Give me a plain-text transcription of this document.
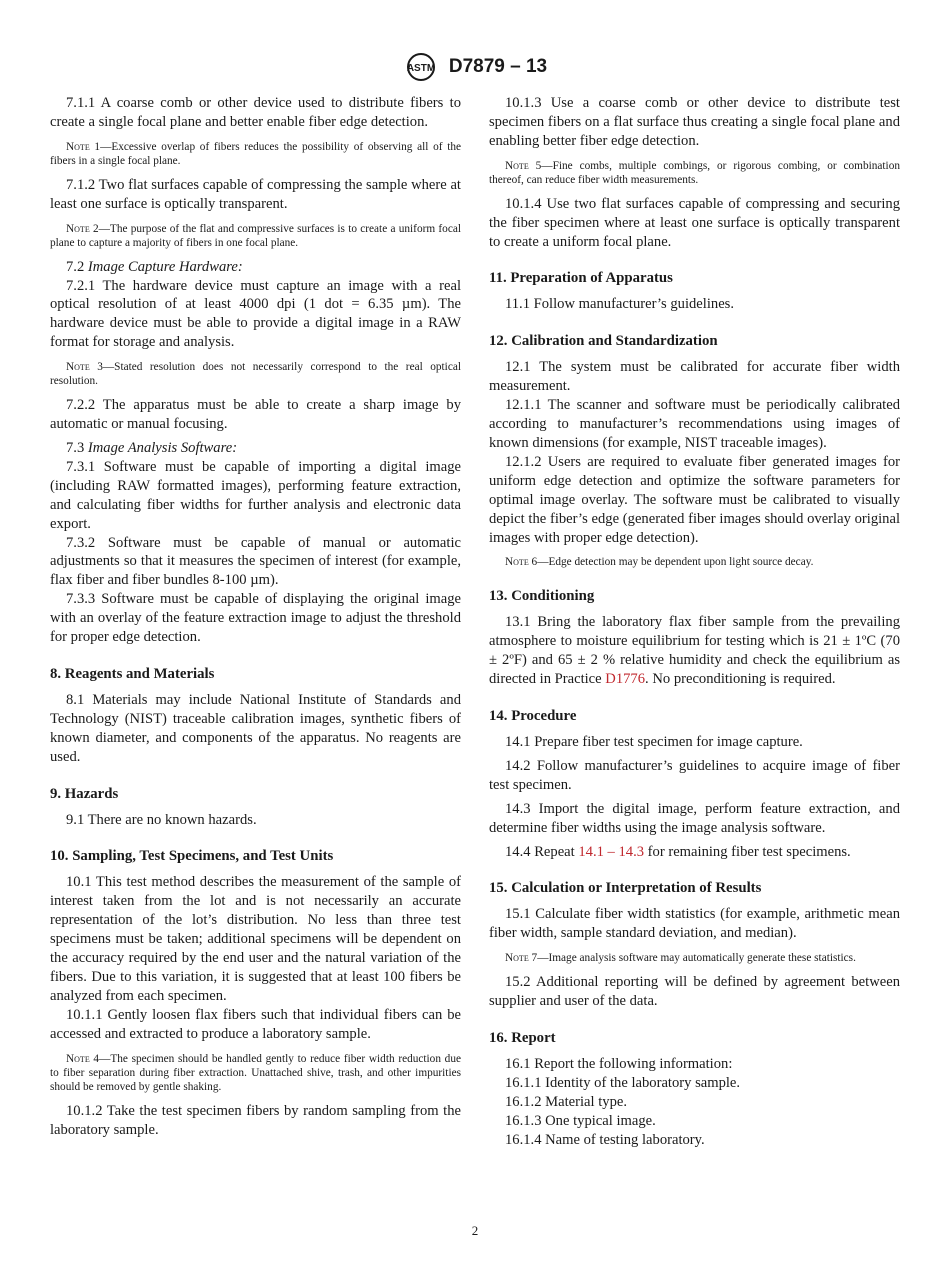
ASTM D7879 – 13
7.1.1 A coarse comb or other device used to distribute fibers to create a single focal plane and better enable fiber edge detection.
Note 1—Excessive overlap of fibers reduces the possibility of observing all of the fibers in a single focal plane.
7.1.2 Two flat surfaces capable of compressing the sample where at least one surface is optically transparent.
Note 2—The purpose of the flat and compressive surfaces is to create a uniform focal plane to capture a majority of fibers in one focal plane.
7.2 Image Capture Hardware:
7.2.1 The hardware device must capture an image with a real optical resolution of at least 4000 dpi (1 dot = 6.35 µm). The hardware device must be able to provide a digital image in a RAW format for storage and analysis.
Note 3—Stated resolution does not necessarily correspond to the real optical resolution.
7.2.2 The apparatus must be able to create a sharp image by automatic or manual focusing.
7.3 Image Analysis Software:
7.3.1 Software must be capable of importing a digital image (including RAW formatted images), performing feature extraction, and calculating fiber widths for further analysis and electronic data export.
7.3.2 Software must be capable of manual or automatic adjustments so that it measures the specimen of interest (for example, flax fiber and fiber bundles 8-100 µm).
7.3.3 Software must be capable of displaying the original image with an overlay of the feature extraction image to adjust the threshold for proper edge detection.
8. Reagents and Materials
8.1 Materials may include National Institute of Standards and Technology (NIST) traceable calibration images, synthetic fibers of known diameter, and components of the apparatus. No reagents are used.
9. Hazards
9.1 There are no known hazards.
10. Sampling, Test Specimens, and Test Units
10.1 This test method describes the measurement of the sample of interest taken from the lot and is not necessarily an accurate representation of the lot’s distribution. No less than three test specimens must be taken; additional specimens will be dependent on the accuracy required by the end user and the natural variation of the fibers. Due to this variation, it is suggested that at least 100 fibers be analyzed from each specimen.
10.1.1 Gently loosen flax fibers such that individual fibers can be accessed and extracted to produce a laboratory sample.
Note 4—The specimen should be handled gently to reduce fiber width reduction due to fiber separation during fiber extraction. Unattached shive, trash, and other impurities should be removed by gentle shaking.
10.1.2 Take the test specimen fibers by random sampling from the laboratory sample.
10.1.3 Use a coarse comb or other device to distribute test specimen fibers on a flat surface thus creating a single focal plane and enabling better fiber edge detection.
Note 5—Fine combs, multiple combings, or rigorous combing, or combination thereof, can reduce fiber width measurements.
10.1.4 Use two flat surfaces capable of compressing and securing the fiber specimen where at least one surface is optically transparent to create a uniform focal plane.
11. Preparation of Apparatus
11.1 Follow manufacturer’s guidelines.
12. Calibration and Standardization
12.1 The system must be calibrated for accurate fiber width measurement.
12.1.1 The scanner and software must be periodically calibrated according to manufacturer’s recommendations using images of known dimensions (for example, NIST traceable images).
12.1.2 Users are required to evaluate fiber generated images for uniform edge detection and optimize the software parameters for optimal image overlay. The software must be calibrated to visually depict the fiber’s edge (generated fiber images should overlay original images with proper edge detection).
Note 6—Edge detection may be dependent upon light source decay.
13. Conditioning
13.1 Bring the laboratory flax fiber sample from the prevailing atmosphere to moisture equilibrium for testing which is 21 ± 1ºC (70 ± 2ºF) and 65 ± 2 % relative humidity and check the equilibrium as directed in Practice D1776. No preconditioning is required.
14. Procedure
14.1 Prepare fiber test specimen for image capture.
14.2 Follow manufacturer’s guidelines to acquire image of fiber test specimen.
14.3 Import the digital image, perform feature extraction, and determine fiber widths using the image analysis software.
14.4 Repeat 14.1 – 14.3 for remaining fiber test specimens.
15. Calculation or Interpretation of Results
15.1 Calculate fiber width statistics (for example, arithmetic mean fiber width, sample standard deviation, and median).
Note 7—Image analysis software may automatically generate these statistics.
15.2 Additional reporting will be defined by agreement between supplier and user of the data.
16. Report
16.1 Report the following information:
16.1.1 Identity of the laboratory sample.
16.1.2 Material type.
16.1.3 One typical image.
16.1.4 Name of testing laboratory.
2
